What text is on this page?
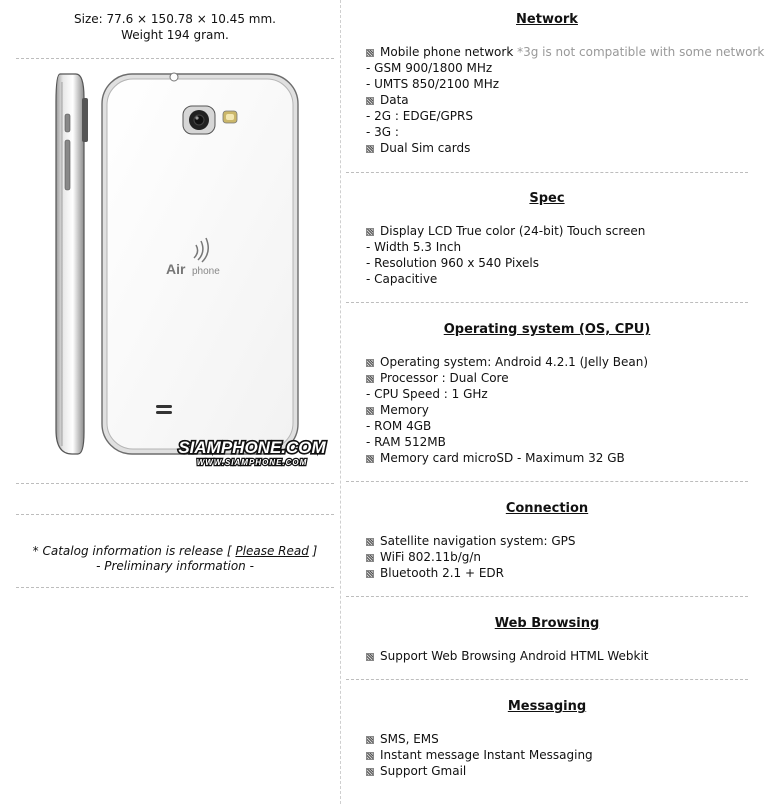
Size: 77.6 × 150.78 × 10.45 mm.
Weight 194 gram.
Air phone
SIAMPHONE.COM
WWW.SIAMPHONE.COM
* Catalog information is release [ Please Read ]
- Preliminary information -
Network
Mobile phone network *3g is not compatible with some network
- GSM 900/1800 MHz
- UMTS 850/2100 MHz
Data
- 2G : EDGE/GPRS
- 3G :
Dual Sim cards
Spec
Display LCD True color (24-bit) Touch screen
- Width 5.3 Inch
- Resolution 960 x 540 Pixels
- Capacitive
Operating system (OS, CPU)
Operating system: Android 4.2.1 (Jelly Bean)
Processor : Dual Core
- CPU Speed : 1 GHz
Memory
- ROM 4GB
- RAM 512MB
Memory card microSD - Maximum 32 GB
Connection
Satellite navigation system: GPS
WiFi 802.11b/g/n
Bluetooth 2.1 + EDR
Web Browsing
Support Web Browsing Android HTML Webkit
Messaging
SMS, EMS
Instant message Instant Messaging
Support Gmail
